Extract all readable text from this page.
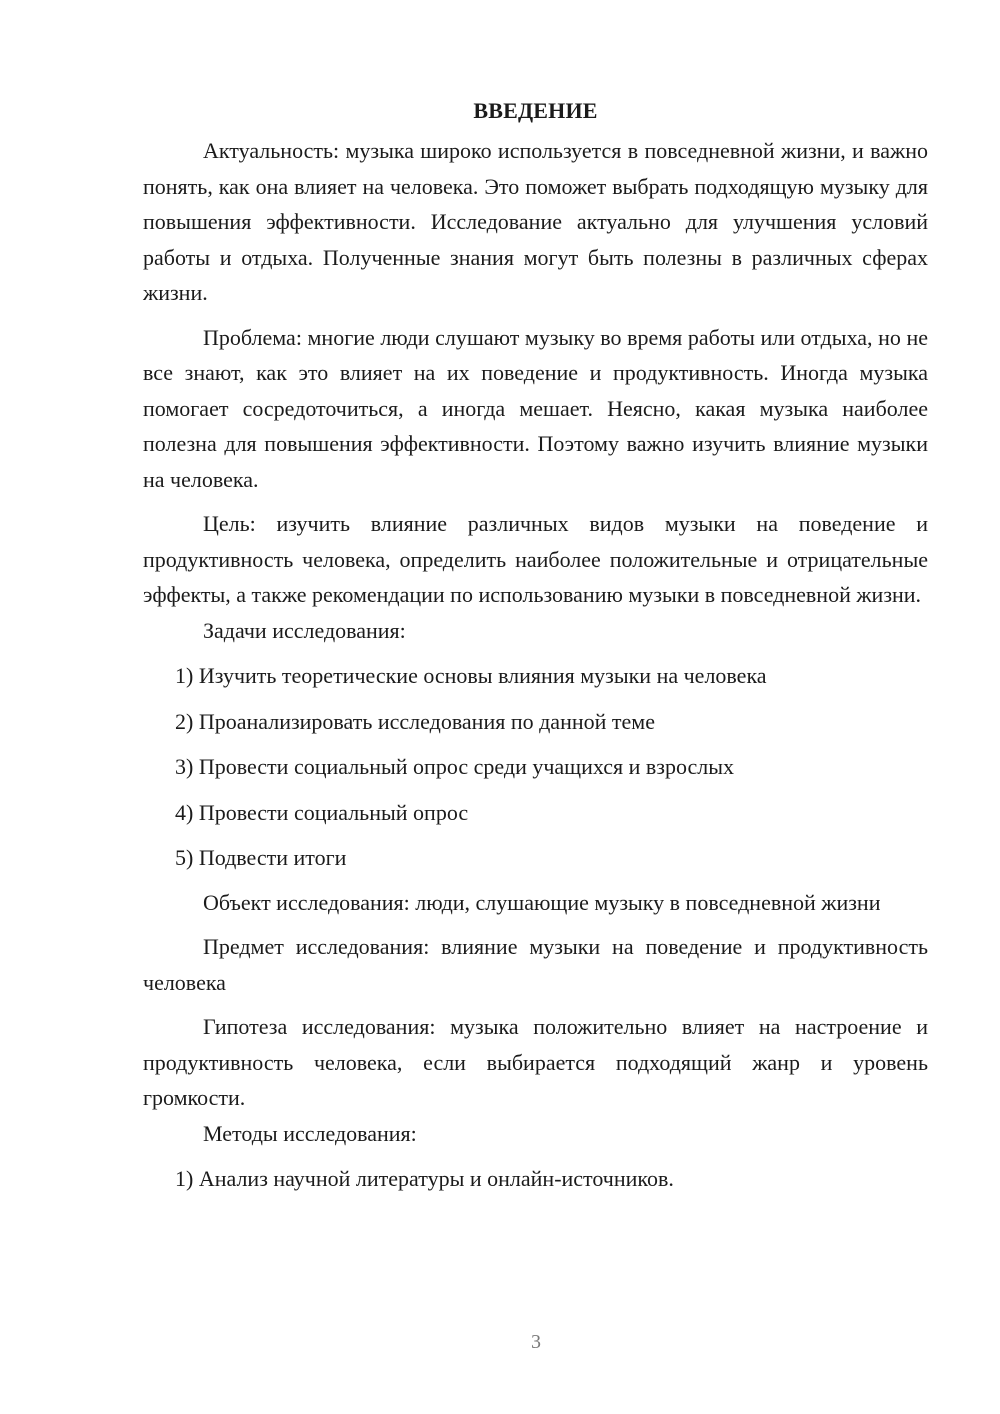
ВВЕДЕНИЕ

Актуальность: музыка широко используется в повседневной жизни, и важно понять, как она влияет на человека. Это поможет выбрать подходящую музыку для повышения эффективности. Исследование актуально для улучшения условий работы и отдыха. Полученные знания могут быть полезны в различных сферах жизни.

Проблема: многие люди слушают музыку во время работы или отдыха, но не все знают, как это влияет на их поведение и продуктивность. Иногда музыка помогает сосредоточиться, а иногда мешает. Неясно, какая музыка наиболее полезна для повышения эффективности. Поэтому важно изучить влияние музыки на человека.

Цель: изучить влияние различных видов музыки на поведение и продуктивность человека, определить наиболее положительные и отрицательные эффекты, а также рекомендации по использованию музыки в повседневной жизни.

Задачи исследования:

1) Изучить теоретические основы влияния музыки на человека
2) Проанализировать исследования по данной теме
3) Провести социальный опрос среди учащихся и взрослых
4) Провести социальный опрос
5) Подвести итоги

Объект исследования: люди, слушающие музыку в повседневной жизни

Предмет исследования: влияние музыки на поведение и продуктивность человека

Гипотеза исследования: музыка положительно влияет на настроение и продуктивность человека, если выбирается подходящий жанр и уровень громкости.

Методы исследования:

1) Анализ научной литературы и онлайн-источников.
3
